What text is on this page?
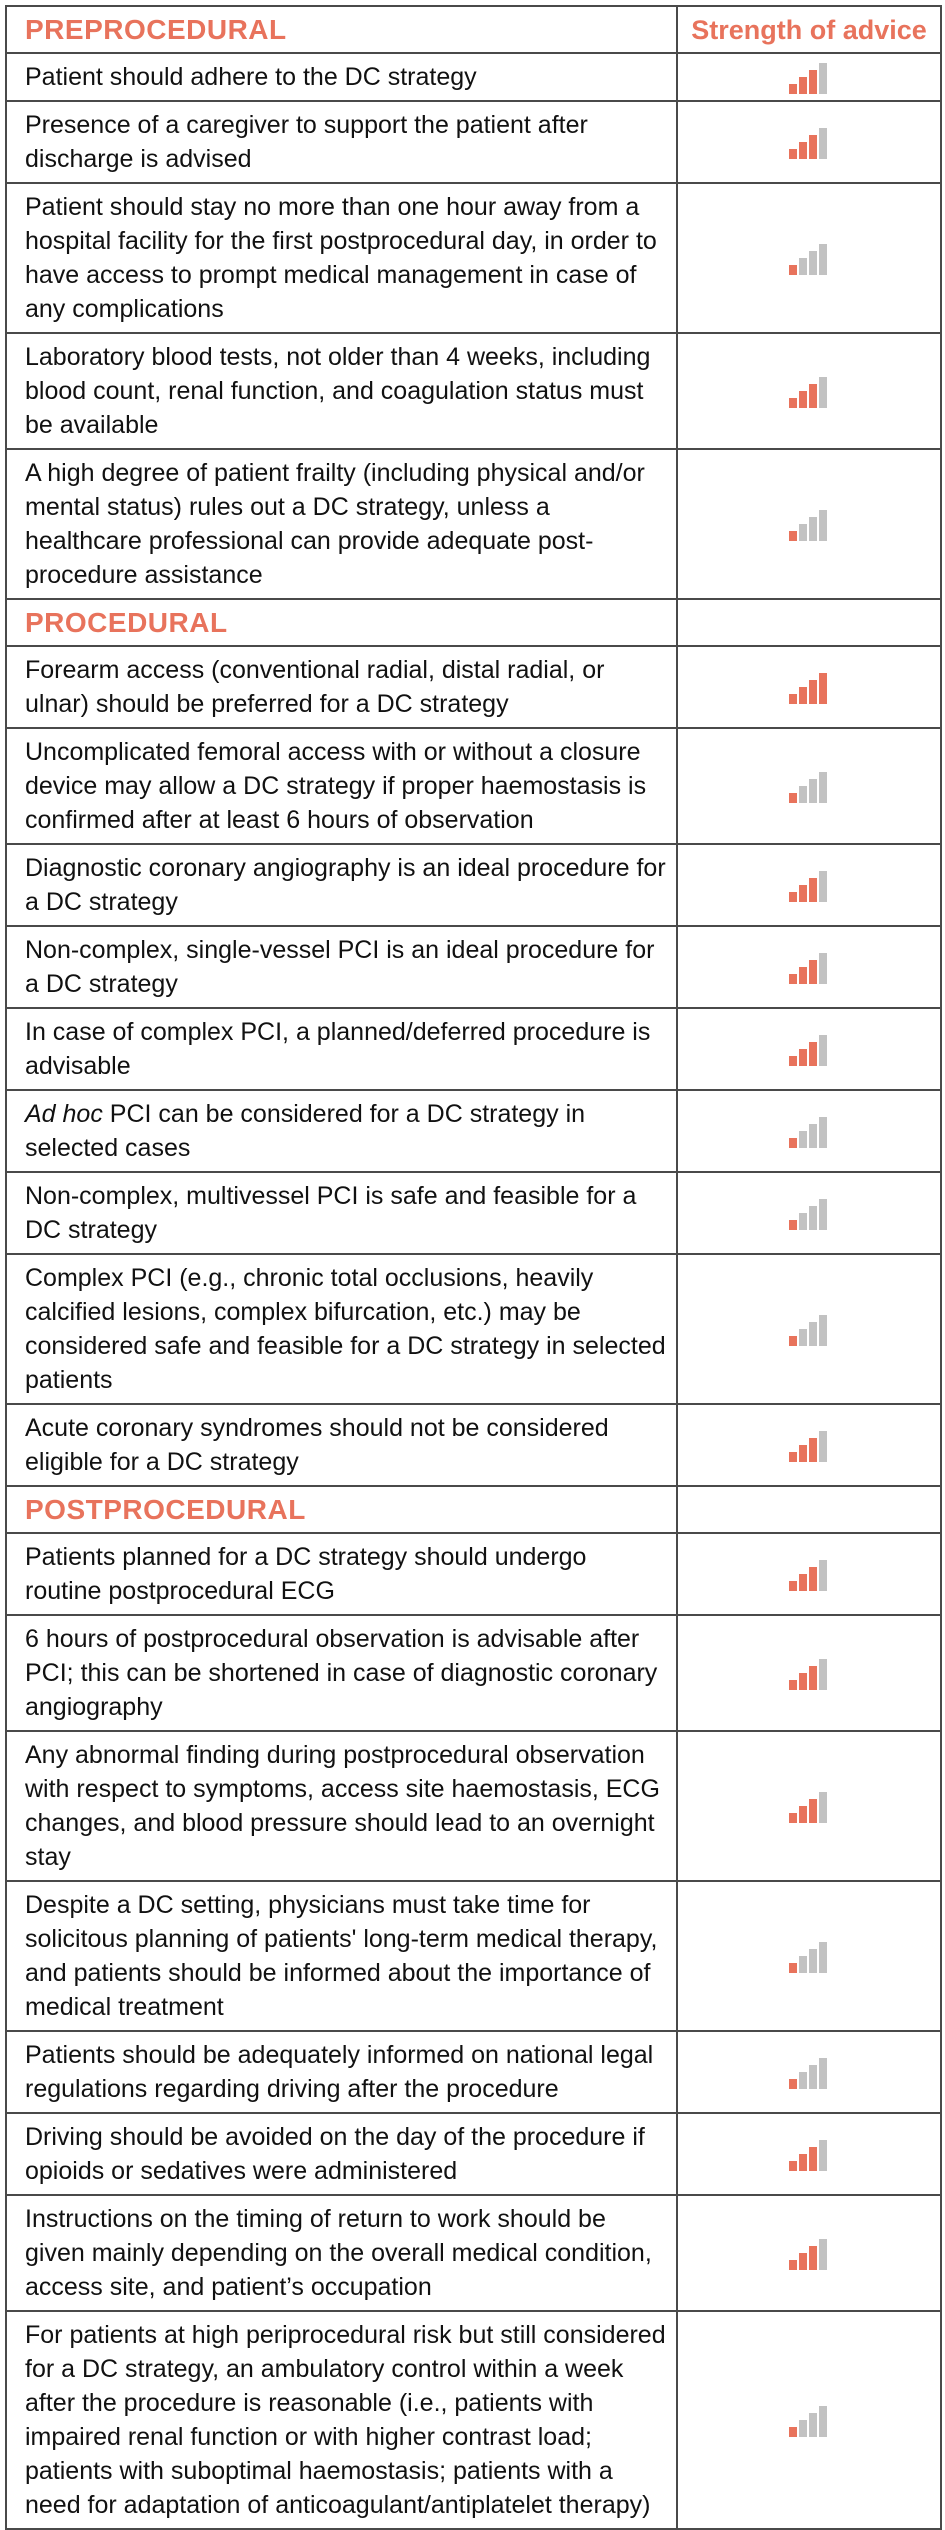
PREPROCEDURAL	Strength of advice

Patient should adhere to the DC strategy

Presence of a caregiver to support the patient after discharge is advised

Patient should stay no more than one hour away from a hospital facility for the first postprocedural day, in order to have access to prompt medical management in case of any complications

Laboratory blood tests, not older than 4 weeks, including blood count, renal function, and coagulation status must be available

A high degree of patient frailty (including physical and/or mental status) rules out a DC strategy, unless a healthcare professional can provide adequate post-procedure assistance

PROCEDURAL	

Forearm access (conventional radial, distal radial, or ulnar) should be preferred for a DC strategy

Uncomplicated femoral access with or without a closure device may allow a DC strategy if proper haemostasis is confirmed after at least 6 hours of observation

Diagnostic coronary angiography is an ideal procedure for a DC strategy

Non-complex, single-vessel PCI is an ideal procedure for a DC strategy

In case of complex PCI, a planned/deferred procedure is advisable

Ad hoc PCI can be considered for a DC strategy in selected cases

Non-complex, multivessel PCI is safe and feasible for a DC strategy

Complex PCI (e.g., chronic total occlusions, heavily calcified lesions, complex bifurcation, etc.) may be considered safe and feasible for a DC strategy in selected patients

Acute coronary syndromes should not be considered eligible for a DC strategy

POSTPROCEDURAL	

Patients planned for a DC strategy should undergo routine postprocedural ECG

6 hours of postprocedural observation is advisable after PCI; this can be shortened in case of diagnostic coronary angiography

Any abnormal finding during postprocedural observation with respect to symptoms, access site haemostasis, ECG changes, and blood pressure should lead to an overnight stay

Despite a DC setting, physicians must take time for solicitous planning of patients' long-term medical therapy, and patients should be informed about the importance of medical treatment

Patients should be adequately informed on national legal regulations regarding driving after the procedure

Driving should be avoided on the day of the procedure if opioids or sedatives were administered

Instructions on the timing of return to work should be given mainly depending on the overall medical condition, access site, and patient’s occupation

For patients at high periprocedural risk but still considered for a DC strategy, an ambulatory control within a week after the procedure is reasonable (i.e., patients with impaired renal function or with higher contrast load; patients with suboptimal haemostasis; patients with a need for adaptation of anticoagulant/antiplatelet therapy)
